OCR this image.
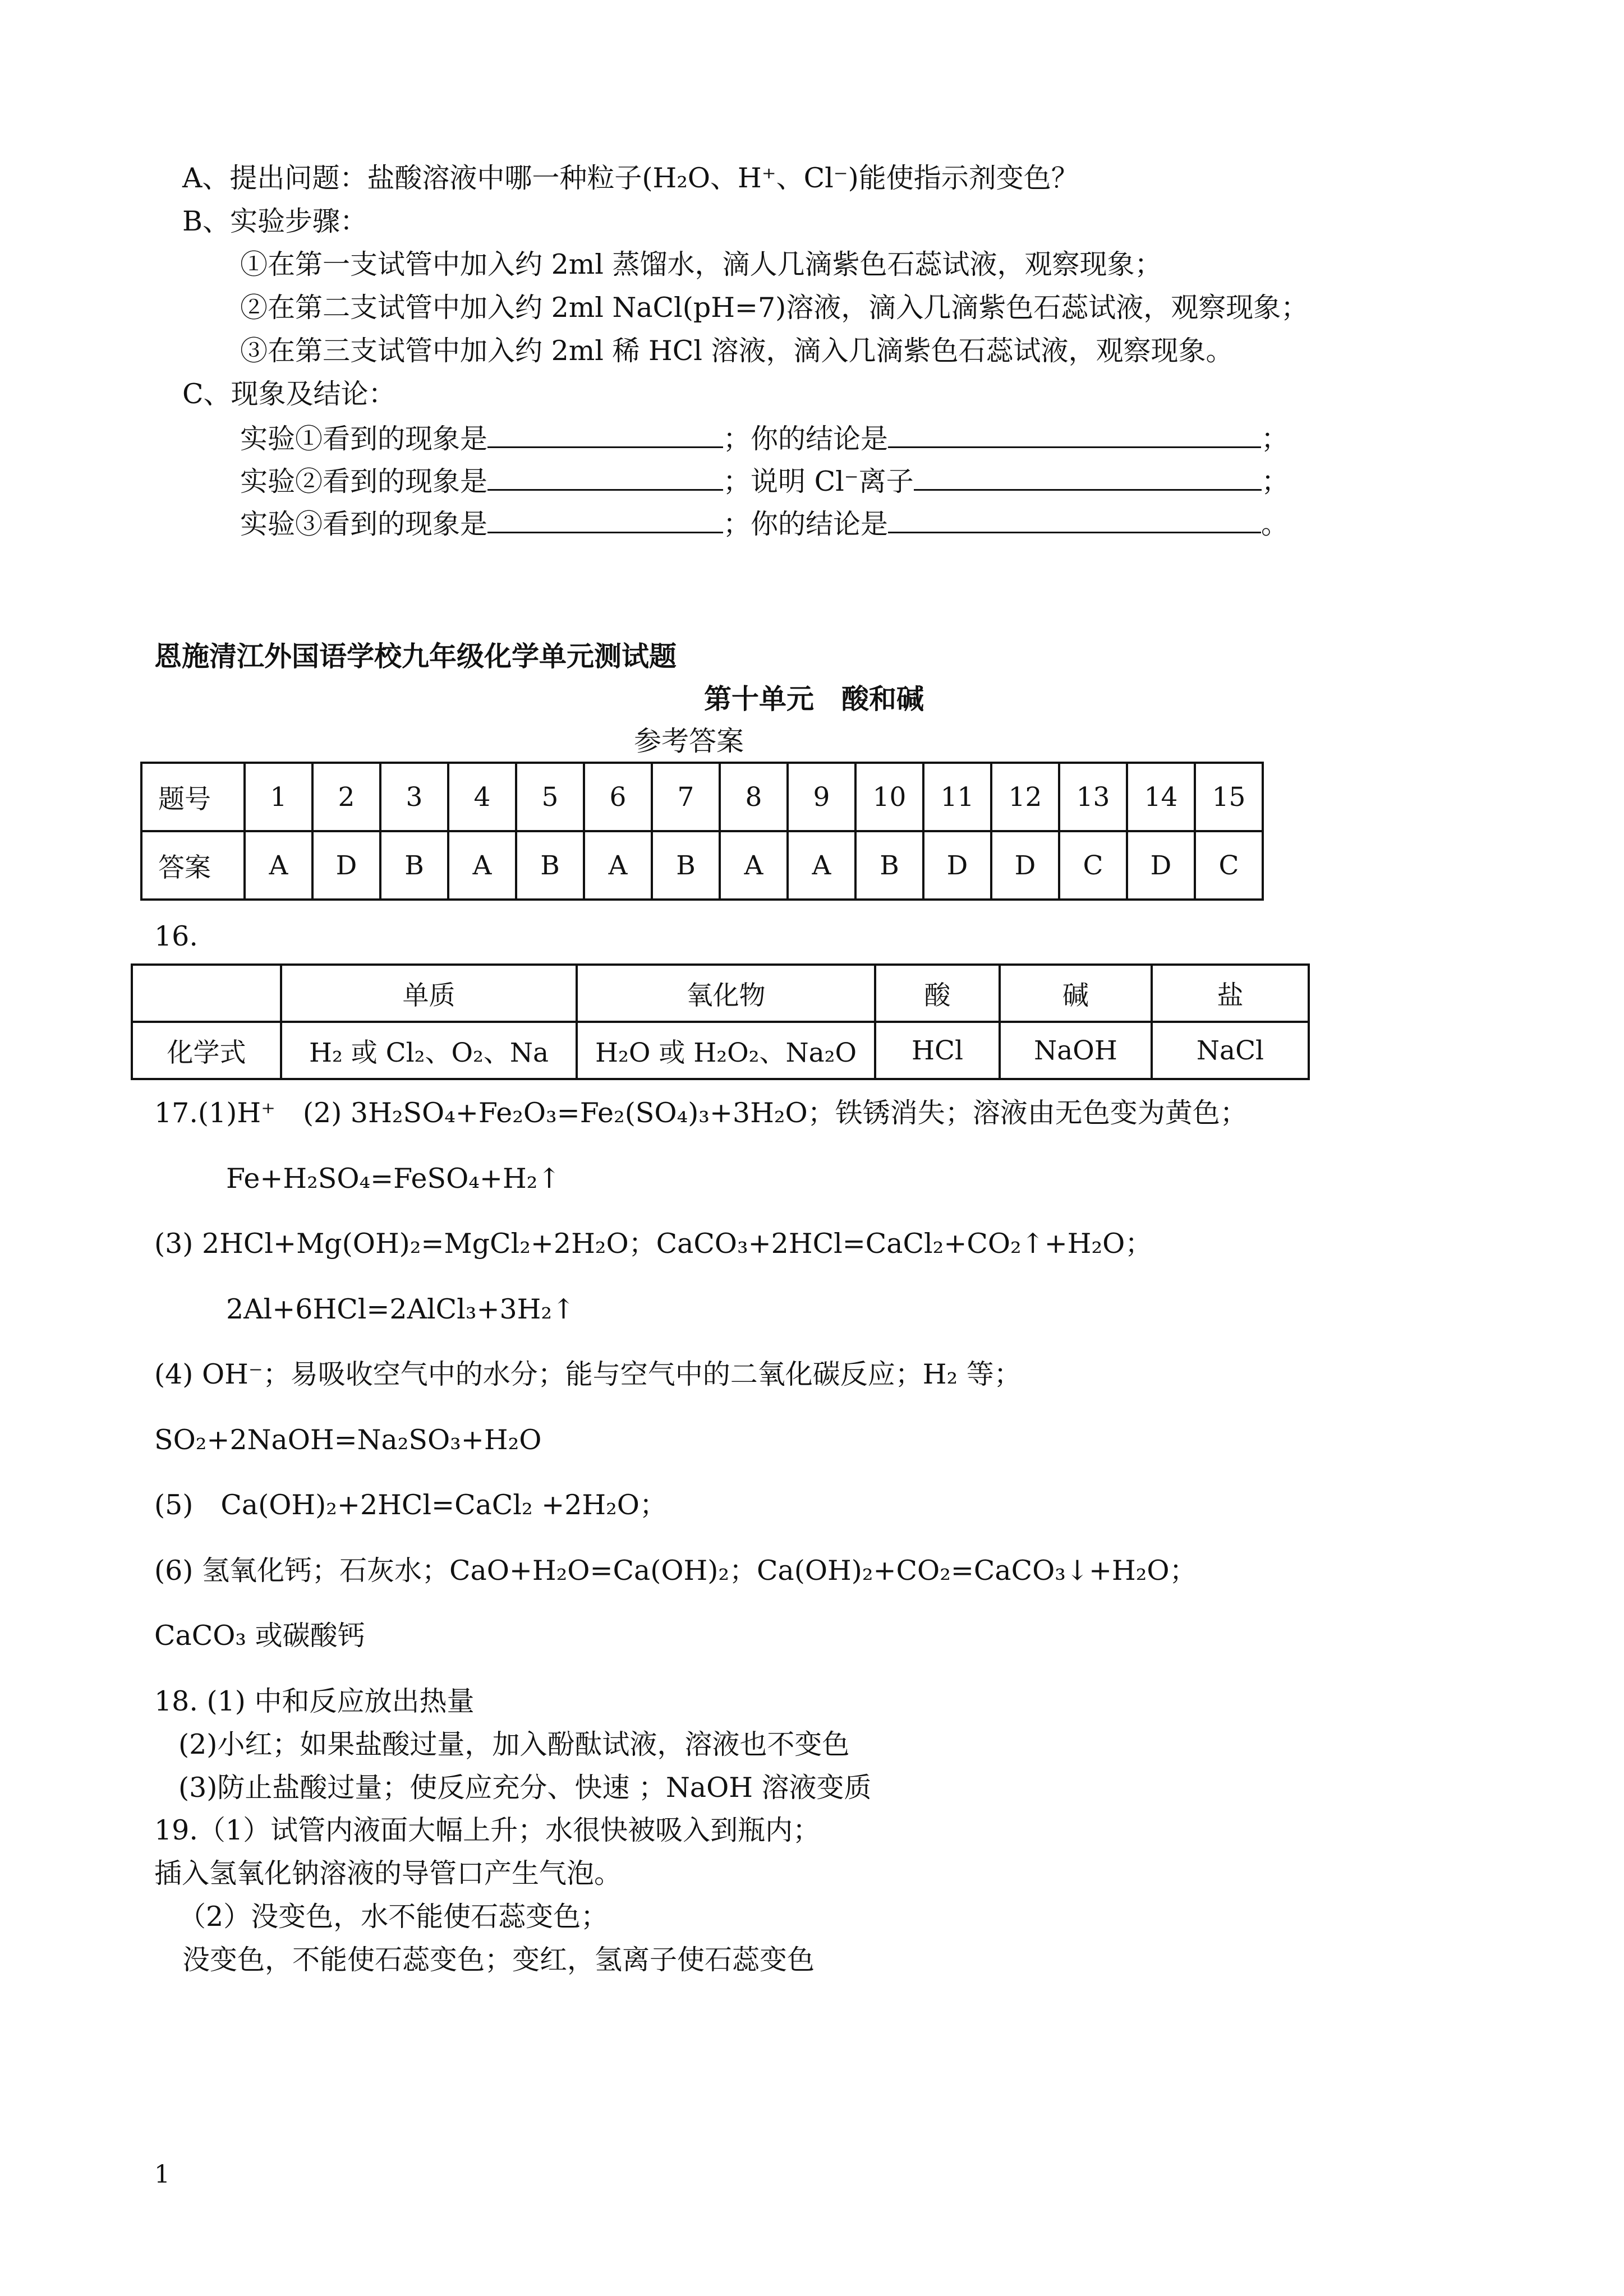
A、提出问题：盐酸溶液中哪一种粒子(H₂O、H⁺、Cl⁻)能使指示剂变色？
B、实验步骤：
①在第一支试管中加入约 2ml 蒸馏水，滴人几滴紫色石蕊试液，观察现象；
②在第二支试管中加入约 2ml NaCl(pH=7)溶液，滴入几滴紫色石蕊试液，观察现象；
③在第三支试管中加入约 2ml 稀 HCl 溶液，滴入几滴紫色石蕊试液，观察现象。
C、现象及结论：
实验①看到的现象是	；你的结论是	；
实验②看到的现象是	；说明 Cl⁻离子	；
实验③看到的现象是	；你的结论是	。
恩施清江外国语学校九年级化学单元测试题
第十单元　酸和碱
参考答案
题号	1	2	3	4	5	6	7	8	9	10	11	12	13	14	15
答案	A	D	B	A	B	A	B	A	A	B	D	D	C	D	C
16.
	单质	氧化物	酸	碱	盐
化学式	H₂ 或 Cl₂、O₂、Na	H₂O 或 H₂O₂、Na₂O	HCl	NaOH	NaCl
17.(1)H⁺　(2) 3H₂SO₄+Fe₂O₃=Fe₂(SO₄)₃+3H₂O；铁锈消失；溶液由无色变为黄色；
Fe+H₂SO₄=FeSO₄+H₂↑
(3) 2HCl+Mg(OH)₂=MgCl₂+2H₂O；CaCO₃+2HCl=CaCl₂+CO₂↑+H₂O；
2Al+6HCl=2AlCl₃+3H₂↑
(4) OH⁻；易吸收空气中的水分；能与空气中的二氧化碳反应；H₂ 等；
SO₂+2NaOH=Na₂SO₃+H₂O
(5)　Ca(OH)₂+2HCl=CaCl₂ +2H₂O；
(6) 氢氧化钙；石灰水；CaO+H₂O=Ca(OH)₂；Ca(OH)₂+CO₂=CaCO₃↓+H₂O；
CaCO₃ 或碳酸钙
18. (1) 中和反应放出热量
(2)小红；如果盐酸过量，加入酚酞试液，溶液也不变色
(3)防止盐酸过量；使反应充分、快速 ；NaOH 溶液变质
19.（1）试管内液面大幅上升；水很快被吸入到瓶内；
插入氢氧化钠溶液的导管口产生气泡。
（2）没变色，水不能使石蕊变色；
没变色，不能使石蕊变色；变红，氢离子使石蕊变色
1
